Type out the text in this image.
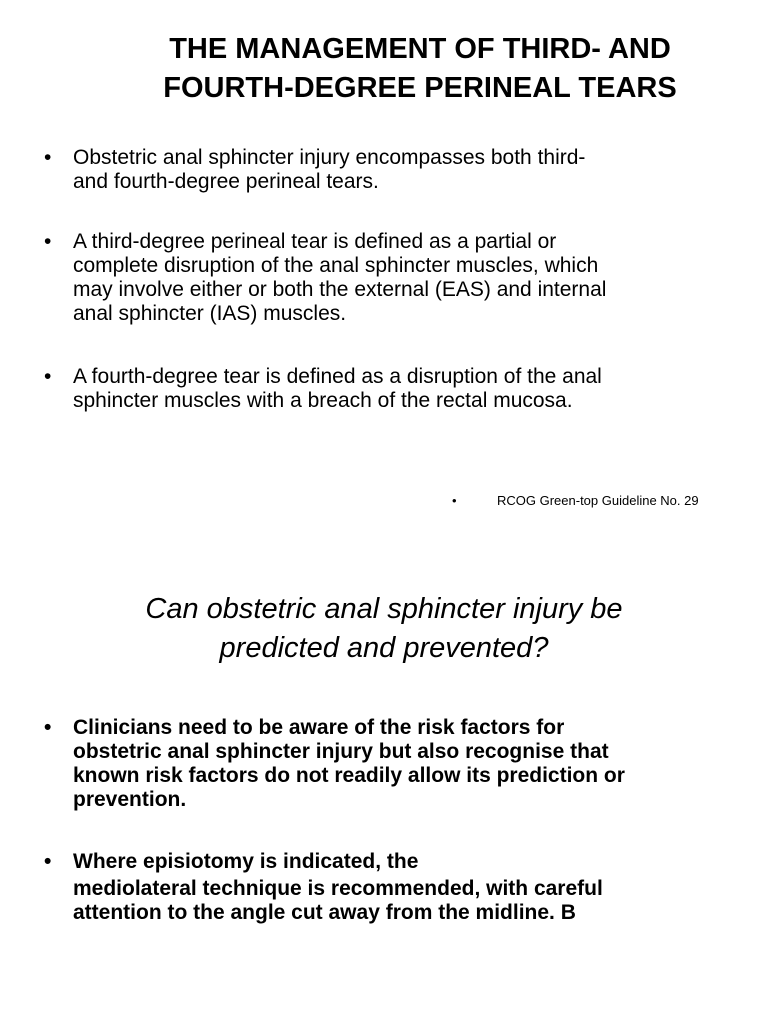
THE MANAGEMENT OF THIRD- AND
FOURTH-DEGREE PERINEAL TEARS
• Obstetric anal sphincter injury encompasses both third-
and fourth-degree perineal tears.
• A third-degree perineal tear is defined as a partial or
complete disruption of the anal sphincter muscles, which
may involve either or both the external (EAS) and internal
anal sphincter (IAS) muscles.
• A fourth-degree tear is defined as a disruption of the anal
sphincter muscles with a breach of the rectal mucosa.
•	RCOG Green-top Guideline No. 29
Can obstetric anal sphincter injury be
predicted and prevented?
• Clinicians need to be aware of the risk factors for
obstetric anal sphincter injury but also recognise that
known risk factors do not readily allow its prediction or
prevention.
• Where episiotomy is indicated, the
mediolateral technique is recommended, with careful
attention to the angle cut away from the midline. B
